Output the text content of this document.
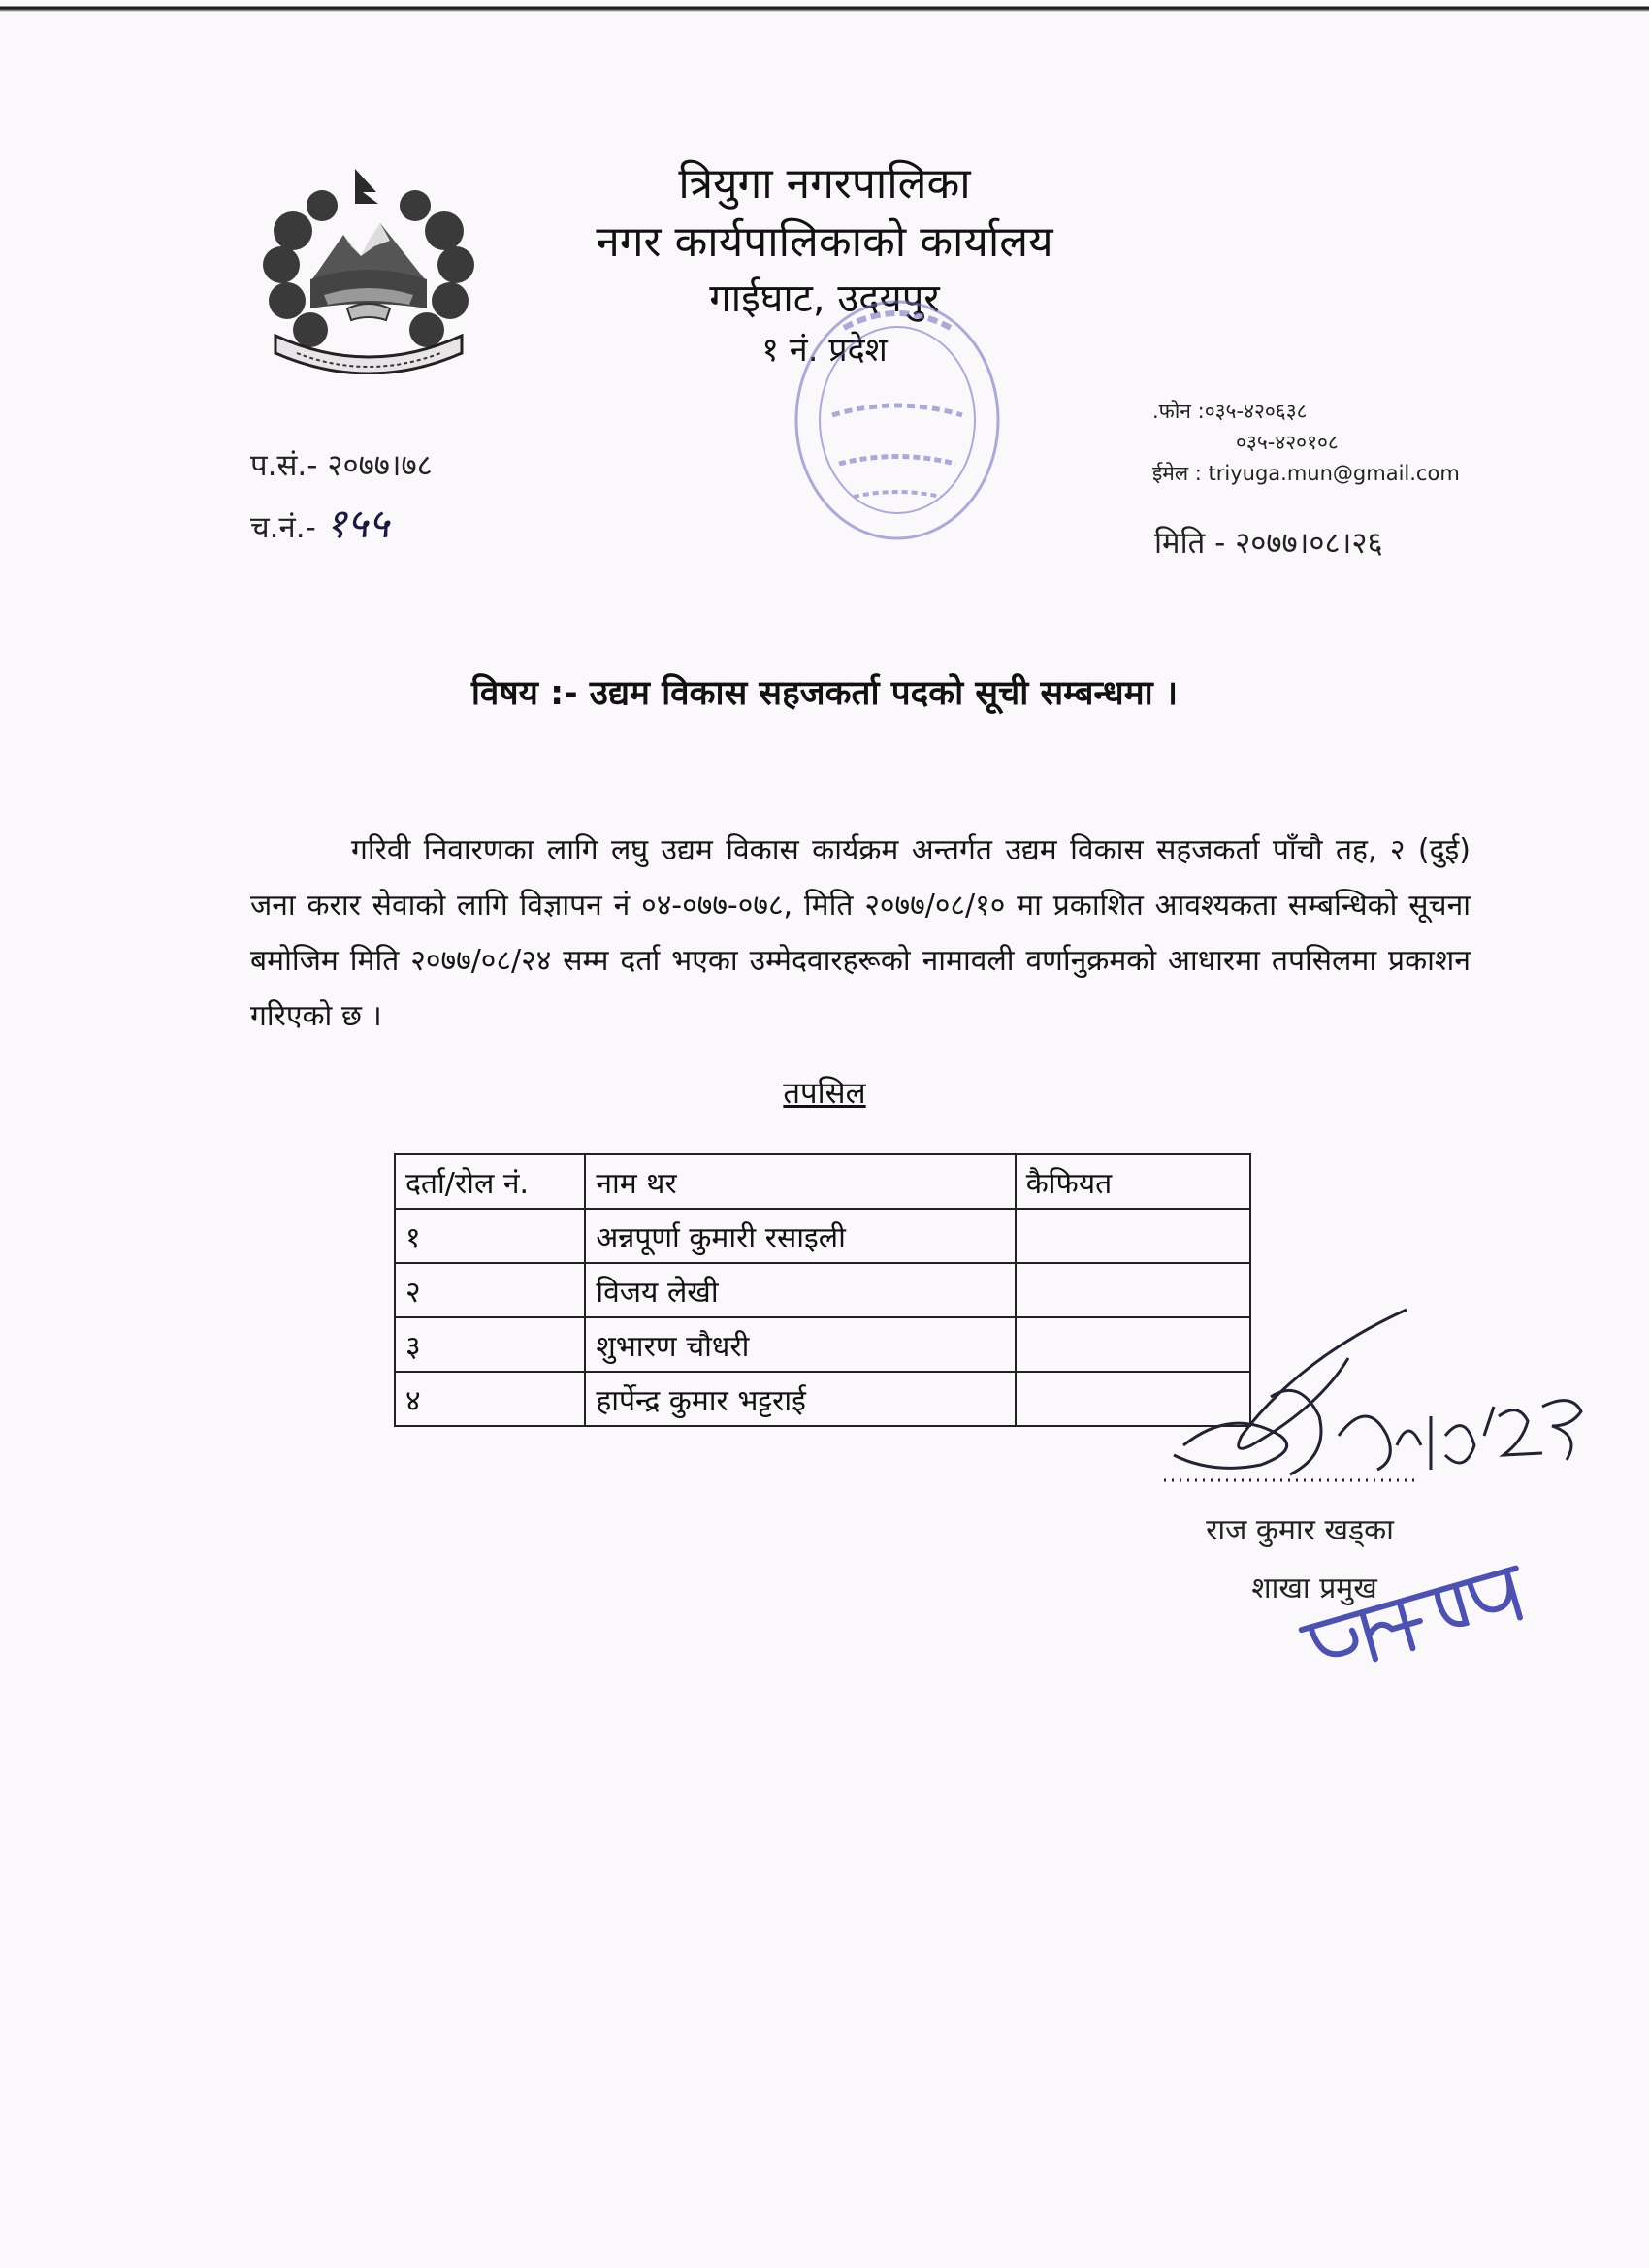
त्रियुगा नगरपालिका
नगर कार्यपालिकाको कार्यालय
गाईघाट, उदयपुर
१ नं. प्रदेश
.फोन :०३५-४२०६३८
०३५-४२०१०८
ईमेल : triyuga.mun@gmail.com
प.सं.- २०७७।७८
च.नं.- १५५	मिति - २०७७।०८।२६
विषय :- उद्यम विकास सहजकर्ता पदको सूची सम्बन्धमा ।
गरिवी निवारणका लागि लघु उद्यम विकास कार्यक्रम अन्तर्गत उद्यम विकास सहजकर्ता पाँचौ तह, २ (दुई) जना करार सेवाको लागि विज्ञापन नं ०४-०७७-०७८, मिति २०७७/०८/१० मा प्रकाशित आवश्यकता सम्बन्धिको सूचना बमोजिम मिति २०७७/०८/२४ सम्म दर्ता भएका उम्मेदवारहरूको नामावली वर्णानुक्रमको आधारमा तपसिलमा प्रकाशन गरिएको छ ।
तपसिल
दर्ता/रोल नं.	नाम थर	कैफियत
१	अन्नपूर्णा कुमारी रसाइली	
२	विजय लेखी	
३	शुभारण चौधरी	
४	हार्पेन्द्र कुमार भट्टराई	
राज कुमार खड्का
शाखा प्रमुख
